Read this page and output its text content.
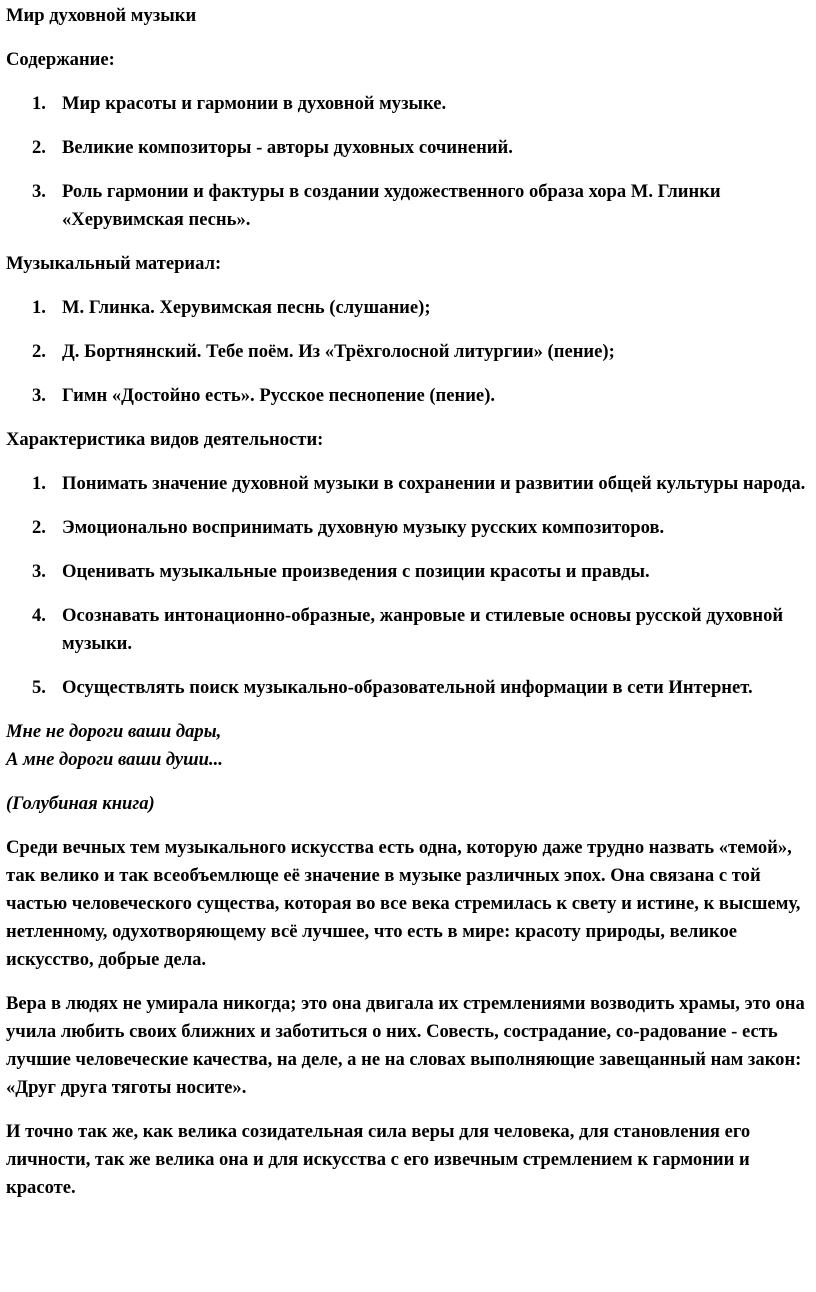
Мир духовной музыки
Содержание:
1. Мир красоты и гармонии в духовной музыке.
2. Великие композиторы - авторы духовных сочинений.
3. Роль гармонии и фактуры в создании художественного образа хора М. Глинки «Херувимская песнь».
Музыкальный материал:
1. М. Глинка. Херувимская песнь (слушание);
2. Д. Бортнянский. Тебе поём. Из «Трёхголосной литургии» (пение);
3. Гимн «Достойно есть». Русское песнопение (пение).
Характеристика видов деятельности:
1. Понимать значение духовной музыки в сохранении и развитии общей культуры народа.
2. Эмоционально воспринимать духовную музыку русских композиторов.
3. Оценивать музыкальные произведения с позиции красоты и правды.
4. Осознавать интонационно-образные, жанровые и стилевые основы русской духовной музыки.
5. Осуществлять поиск музыкально-образовательной информации в сети Интернет.
Мне не дороги ваши дары,
А мне дороги ваши души...
(Голубиная книга)

Среди вечных тем музыкального искусства есть одна, которую даже трудно назвать «темой», так велико и так всеобъемлюще её значение в музыке различных эпох. Она связана с той частью человеческого существа, которая во все века стремилась к свету и истине, к высшему, нетленному, одухотворяющему всё лучшее, что есть в мире: красоту природы, великое искусство, добрые дела.

Вера в людях не умирала никогда; это она двигала их стремлениями возводить храмы, это она учила любить своих ближних и заботиться о них. Совесть, сострадание, со-радование - есть лучшие человеческие качества, на деле, а не на словах выполняющие завещанный нам закон: «Друг друга тяготы носите».

И точно так же, как велика созидательная сила веры для человека, для становления его личности, так же велика она и для искусства с его извечным стремлением к гармонии и красоте.
